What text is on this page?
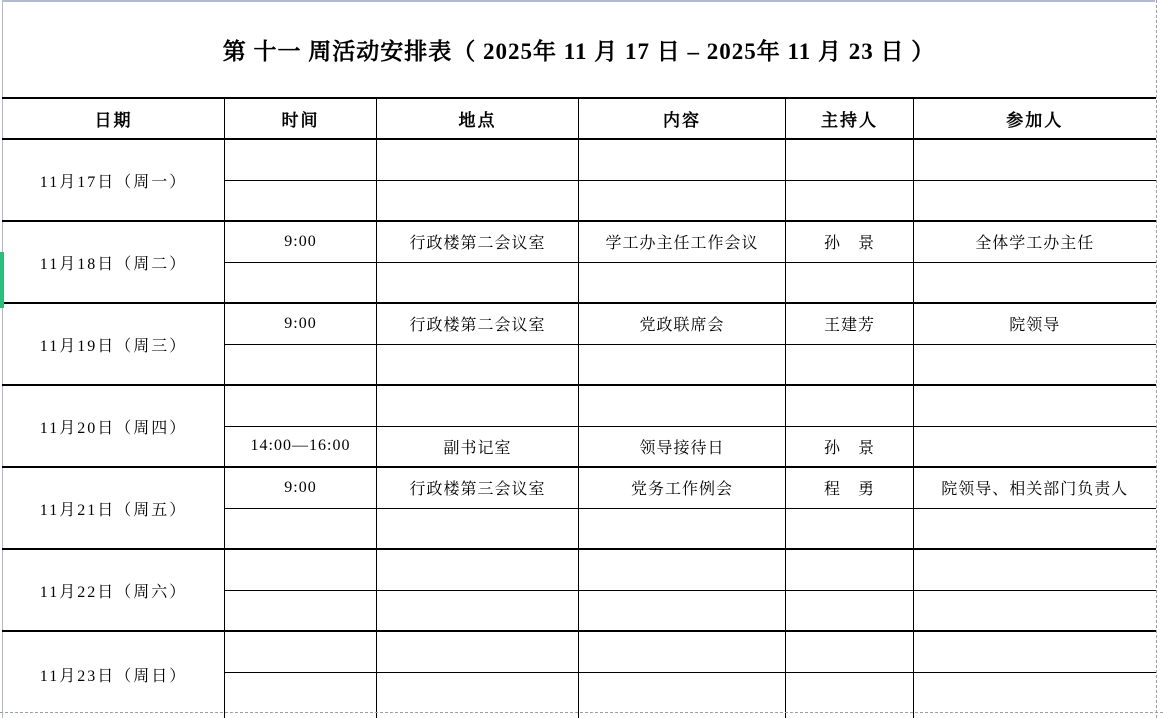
第 十一 周活动安排表（ 2025年 11 月 17 日 – 2025年 11 月 23 日 ）
日期	时间	地点	内容	主持人	参加人
11月17日（周一）					

11月18日（周二）	9:00	行政楼第二会议室	学工办主任工作会议	孙　景	全体学工办主任

11月19日（周三）	9:00	行政楼第二会议室	党政联席会	王建芳	院领导

11月20日（周四）					
	14:00—16:00	副书记室	领导接待日	孙　景	
11月21日（周五）	9:00	行政楼第三会议室	党务工作例会	程　勇	院领导、相关部门负责人

11月22日（周六）					

11月23日（周日）					
